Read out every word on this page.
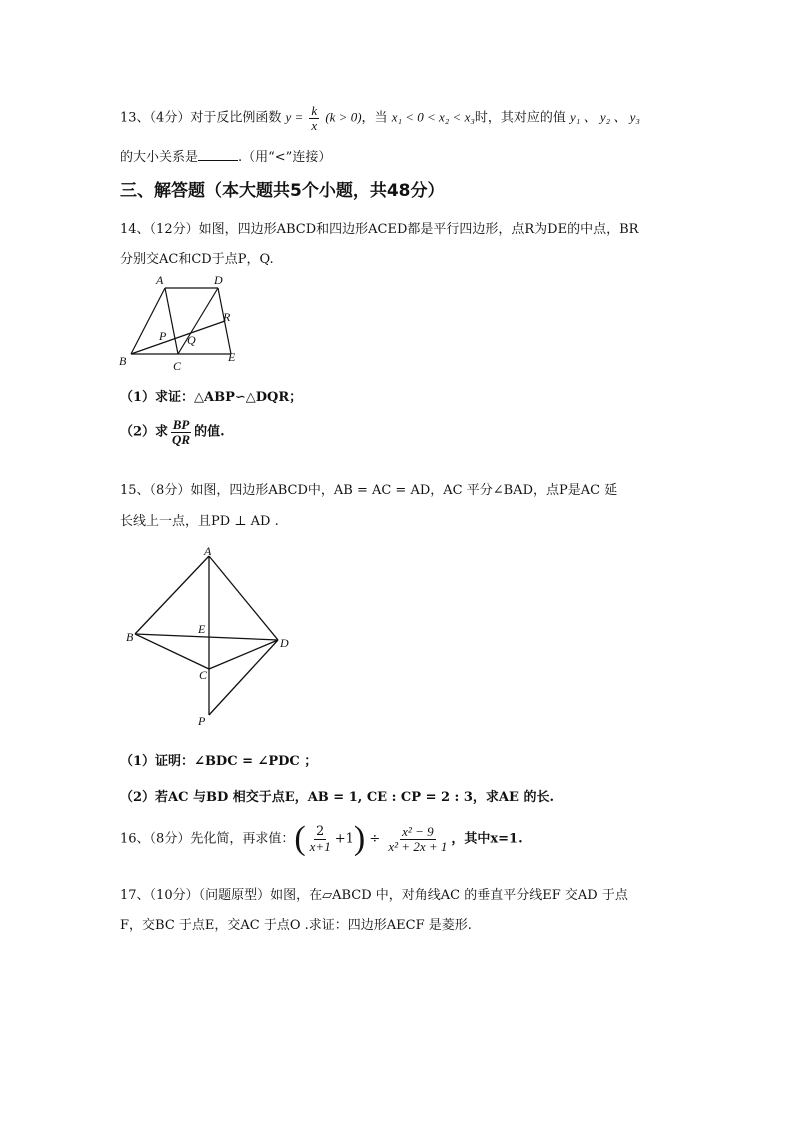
13、（4分）对于反比例函数 $y = \frac{k}{x} (k > 0)$，当 x₁ < 0 < x₂ < x₃时，其对应的值 y₁ 、 y₂ 、 y₃
的大小关系是	.（用“<”连接）
三、解答题（本大题共5个小题，共48分）
14、（12分）如图，四边形ABCD和四边形ACED都是平行四边形，点R为DE的中点，BR
分别交AC和CD于点P，Q.
A	D
R
P Q
B	C
E
（1）求证：△ABP∽△DQR；
（2）求 $\frac{BP}{QR}$ 的值.
15、（8分）如图，四边形ABCD中，AB = AC = AD，AC 平分∠BAD，点P是AC 延
长线上一点，且PD ⊥ AD .
A
B
E
D
C
P
（1）证明：∠BDC = ∠PDC ；
（2）若AC 与BD 相交于点E，AB = 1, CE : CP = 2 : 3，求AE 的长.
16、（8分）先化简，再求值：( $\frac{2}{x+1} +1) \div \frac{\text{x² − 9}}{\text{x² + 2x + 1}}$ ，其中x=1.
17、（10分）（问题原型）如图，在▱ABCD 中，对角线AC 的垂直平分线EF 交AD 于点
F，交BC 于点E，交AC 于点O .求证：四边形AECF 是菱形.
